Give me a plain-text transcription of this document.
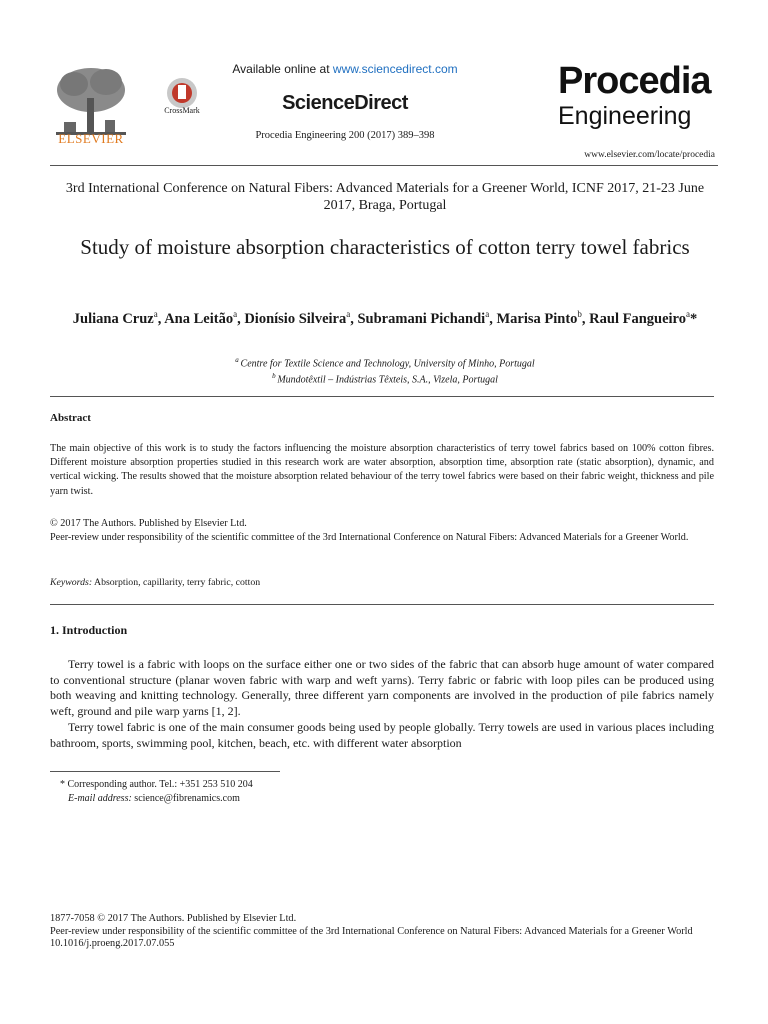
ELSEVIER
CrossMark
Available online at www.sciencedirect.com
ScienceDirect
Procedia Engineering 200 (2017) 389–398
Procedia
Engineering
www.elsevier.com/locate/procedia
3rd International Conference on Natural Fibers: Advanced Materials for a Greener World, ICNF 2017, 21-23 June 2017, Braga, Portugal
Study of moisture absorption characteristics of cotton terry towel fabrics
Juliana Cruz$^a$, Ana Leitão$^a$, Dionísio Silveira$^a$, Subramani Pichandi$^a$, Marisa Pinto$^b$, Raul Fangueiro$^a$*
$^a$ Centre for Textile Science and Technology, University of Minho, Portugal
$^b$ Mundotêxtil – Indústrias Têxteis, S.A., Vizela, Portugal
Abstract
The main objective of this work is to study the factors influencing the moisture absorption characteristics of terry towel fabrics based on 100% cotton fibres. Different moisture absorption properties studied in this research work are water absorption, absorption time, absorption rate (static absorption), dynamic, and vertical wicking. The results showed that the moisture absorption related behaviour of the terry towel fabrics were based on their fabric weight, thickness and pile yarn twist.
© 2017 The Authors. Published by Elsevier Ltd.
Peer-review under responsibility of the scientific committee of the 3rd International Conference on Natural Fibers: Advanced Materials for a Greener World.
Keywords: Absorption, capillarity, terry fabric, cotton
1. Introduction
Terry towel is a fabric with loops on the surface either one or two sides of the fabric that can absorb huge amount of water compared to conventional structure (planar woven fabric with warp and weft yarns). Terry fabric or fabric with loop piles can be produced using both weaving and knitting technology. Generally, three different yarn components are involved in the production of pile fabrics namely weft, ground and pile warp yarns [1, 2].
Terry towel fabric is one of the main consumer goods being used by people globally. Terry towels are used in various places including bathroom, sports, swimming pool, kitchen, beach, etc. with different water absorption
* Corresponding author. Tel.: +351 253 510 204
E-mail address: science@fibrenamics.com
1877-7058 © 2017 The Authors. Published by Elsevier Ltd.
Peer-review under responsibility of the scientific committee of the 3rd International Conference on Natural Fibers: Advanced Materials for a Greener World
10.1016/j.proeng.2017.07.055
